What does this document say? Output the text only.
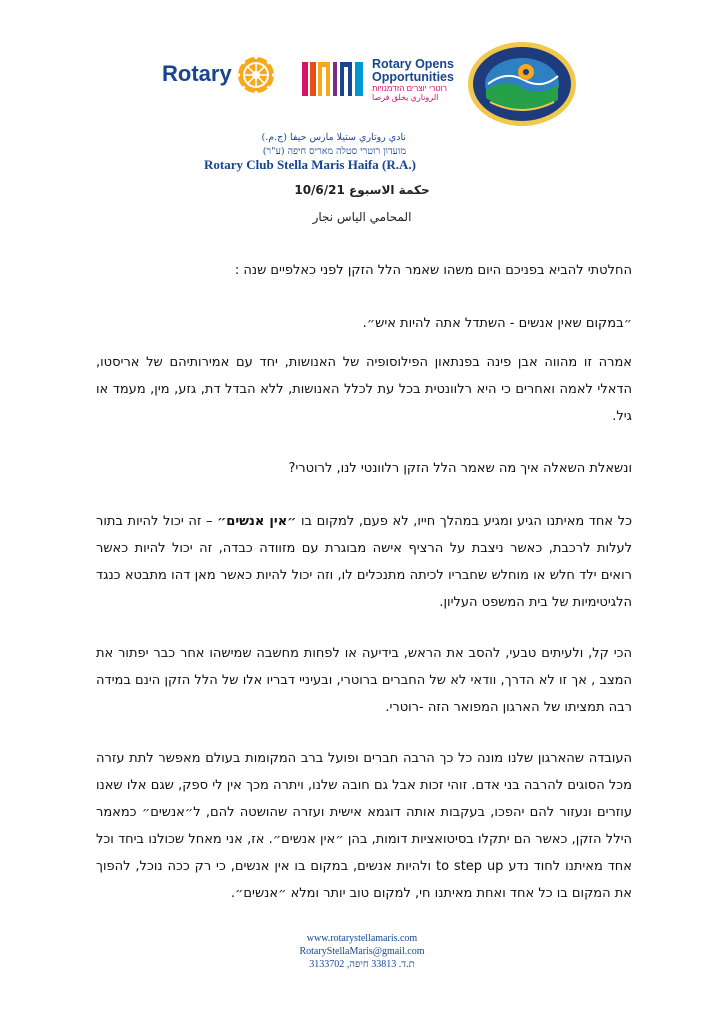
Rotary	Rotary Opens
Opportunities
רוטרי יוצרים הזדמנויות
الروتاري يخلق فرصا
نادي روتاري ستيلا مارس حيفا (ج.م.)
מועדון רוטרי סטלה מאריס חיפה (ע"ר)
Rotary Club Stella Maris Haifa (R.A.)
حكمة الاسبوع 10/6/21
المحامي الياس نجار
החלטתי להביא בפניכם היום משהו שאמר הלל הזקן לפני כאלפיים שנה :
״במקום שאין אנשים - השתדל אתה להיות איש״.
אמרה זו מהווה אבן פינה בפנתאון הפילוסופיה של האנושות, יחד עם אמירותיהם של אריסטו, הדאלי לאמה ואחרים כי היא רלוונטית בכל עת לכלל האנושות, ללא הבדל דת, גזע, מין, מעמד או גיל.
ונשאלת השאלה איך מה שאמר הלל הזקן רלוונטי לנו, לרוטרי?
כל אחד מאיתנו הגיע ומגיע במהלך חייו, לא פעם, למקום בו ״אין אנשים״ – זה יכול להיות בתור לעלות לרכבת, כאשר ניצבת על הרציף אישה מבוגרת עם מזוודה כבדה, זה יכול להיות כאשר רואים ילד חלש או מוחלש שחבריו לכיתה מתנכלים לו, וזה יכול להיות כאשר מאן דהו מתבטא כנגד הלגיטימיות של בית המשפט העליון.
הכי קל, ולעיתים טבעי, להסב את הראש, בידיעה או לפחות מחשבה שמישהו אחר כבר יפתור את המצב , אך זו לא הדרך, וודאי לא של החברים ברוטרי, ובעיניי דבריו אלו של הלל הזקן הינם במידה רבה תמציתו של הארגון המפואר הזה -רוטרי.
העובדה שהארגון שלנו מונה כל כך הרבה חברים ופועל ברב המקומות בעולם מאפשר לתת עזרה מכל הסוגים להרבה בני אדם. זוהי זכות אבל גם חובה שלנו, ויתרה מכך אין לי ספק, שגם אלו שאנו עוזרים ונעזור להם יהפכו, בעקבות אותה דוגמא אישית ועזרה שהושטה להם, ל״אנשים״ כמאמר הילל הזקן, כאשר הם יתקלו בסיטואציות דומות, בהן ״אין אנשים״. אז, אני מאחל שכולנו ביחד וכל אחד מאיתנו לחוד נדע to step up ולהיות אנשים, במקום בו אין אנשים, כי רק ככה נוכל, להפוך את המקום בו כל אחד ואחת מאיתנו חי, למקום טוב יותר ומלא ״אנשים״.
www.rotarystellamaris.com
RotaryStellaMaris@gmail.com
ת.ד. 33813 חיפה, 3133702
